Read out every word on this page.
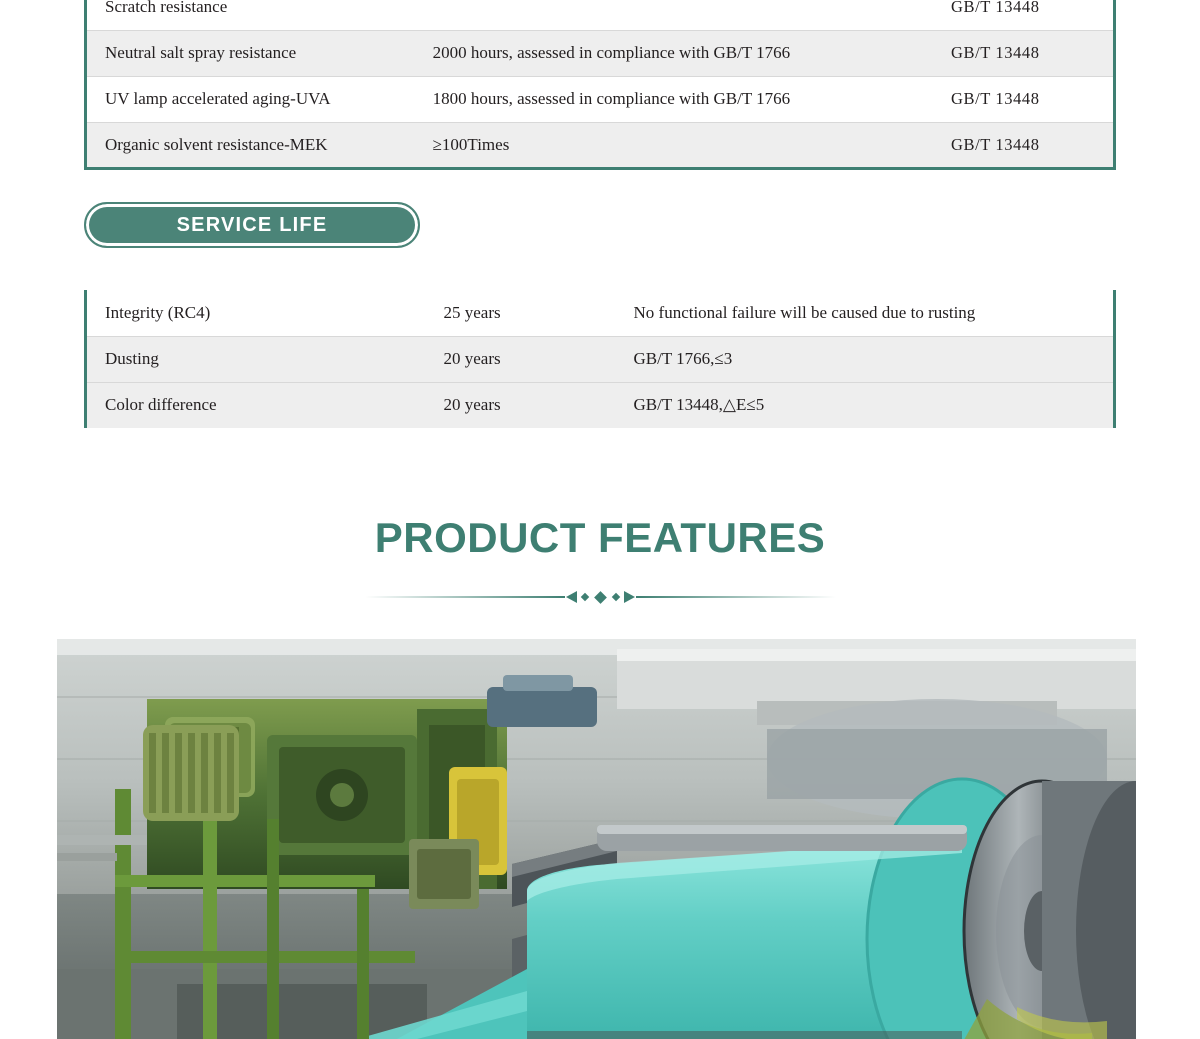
Scratch resistance		GB/T 13448
Neutral salt spray resistance	2000 hours, assessed in compliance with GB/T 1766	GB/T 13448
UV lamp accelerated aging-UVA	1800 hours, assessed in compliance with GB/T 1766	GB/T 13448
Organic solvent resistance-MEK	≥100Times	GB/T 13448
SERVICE LIFE
Integrity (RC4)	25 years	No functional failure will be caused due to rusting
Dusting	20 years	GB/T 1766,≤3
Color difference	20 years	GB/T 13448,△E≤5
PRODUCT FEATURES
